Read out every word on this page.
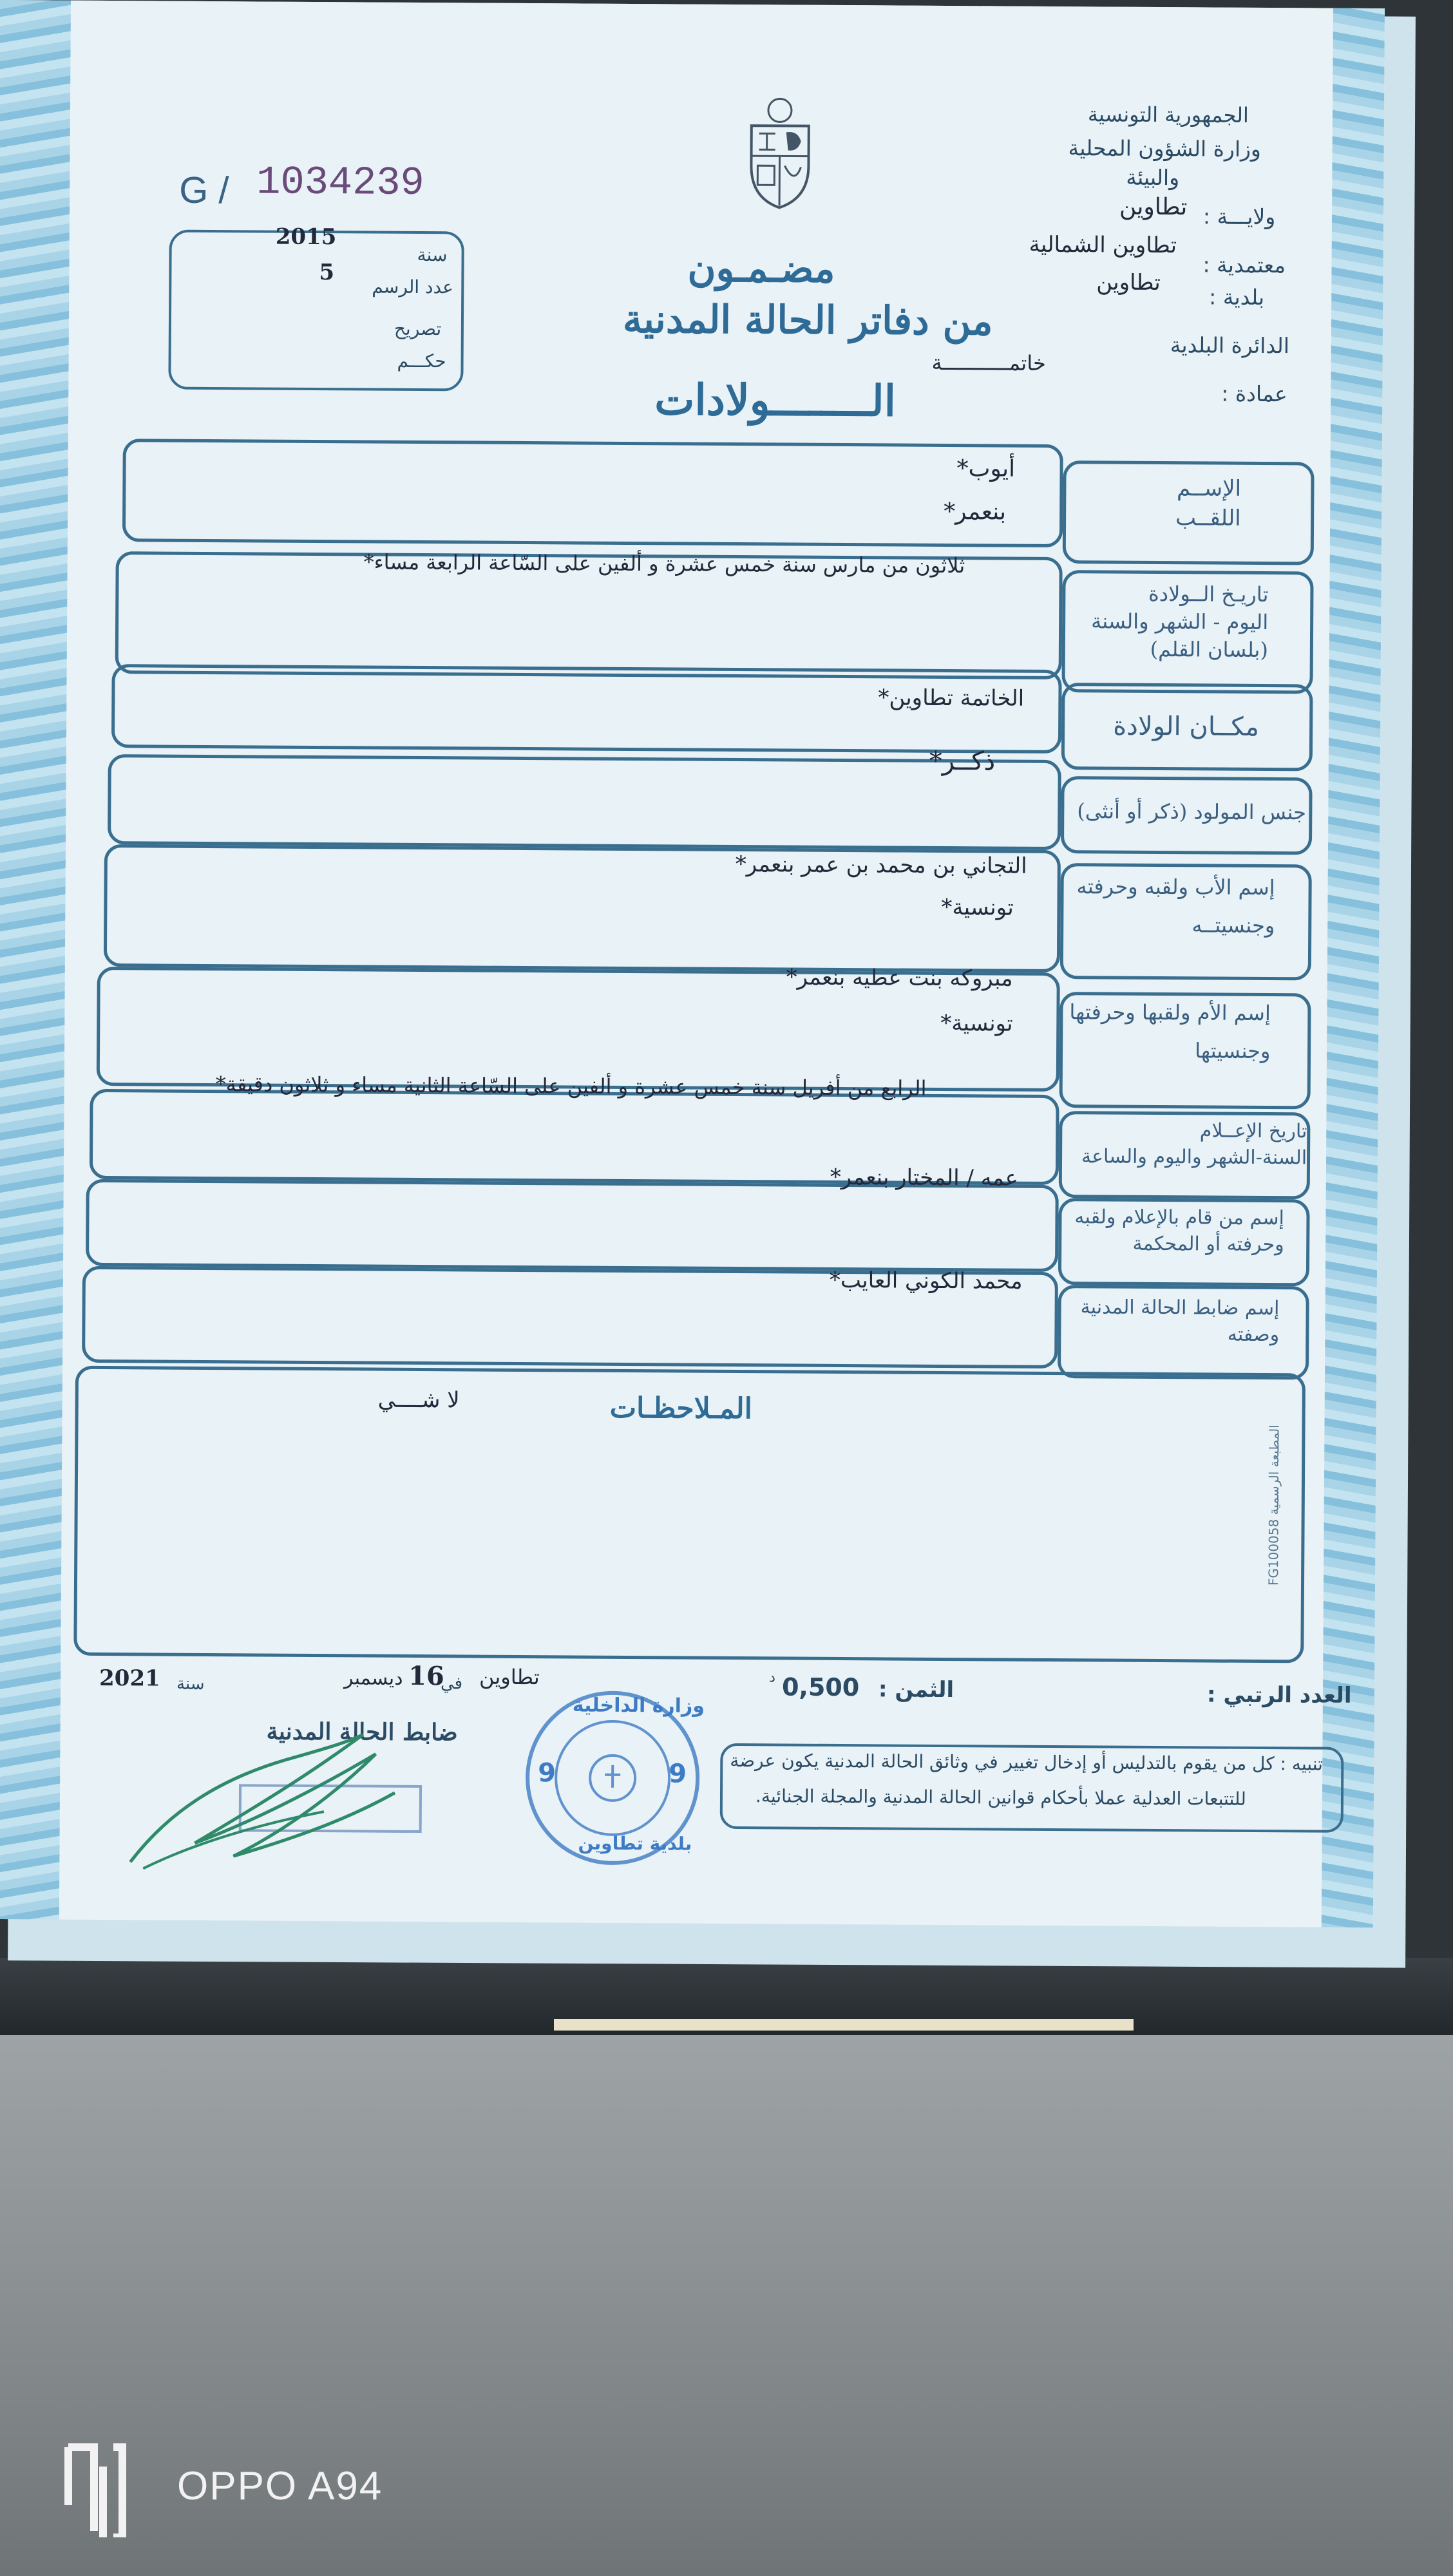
الجمهورية التونسية
وزارة الشؤون المحلية
والبيئة
ولايـــة :
تطاوين
معتمدية :
تطاوين الشمالية
بلدية :
تطاوين
الدائرة البلدية
خاتمـــــــــــة
عمادة :
G / 1034239
سنة
2015
عدد الرسم
5
تصريح
حكـــم
مضـمـون
من دفاتر الحالة المدنية
الــــــــولادات
الإســم
اللقــب
أيوب*
بنعمر*
تاريـخ الــولادة
اليوم - الشهر والسنة
(بلسان القلم)
ثلاثون من مارس سنة خمس عشرة و ألفين على السّاعة الرابعة مساء*
مكــان الولادة
الخاتمة تطاوين*
جنس المولود (ذكر أو أنثى)
ذكــر*
إسم الأب ولقبه وحرفته
وجنسيتــه
التجاني بن محمد بن عمر بنعمر*
تونسية*
إسم الأم ولقبها وحرفتها
وجنسيتها
مبروكه بنت عطيه بنعمر*
تونسية*
تاريخ الإعــلام
السنة-الشهر واليوم والساعة
الرابع من أفريل سنة خمس عشرة و ألفين على السّاعة الثانية مساء و ثلاثون دقيقة*
إسم من قام بالإعلام ولقبه
وحرفته أو المحكمة
عمه / المختار بنعمر*
إسم ضابط الحالة المدنية
وصفته
محمد الكوني العايب*
المـلاحظـات
لا شــــي
المطبعة الرسمية FG100058
العدد الرتبي :
الثمن :
0,500
د
تطاوين
في
16
ديسمبر
سنة
2021
ضابط الحالة المدنية
تنبيه : كل من يقوم بالتدليس أو إدخال تغيير في وثائق الحالة المدنية يكون عرضة
للتتبعات العدلية عملا بأحكام قوانين الحالة المدنية والمجلة الجنائية.
وزارة الداخلية
بلدية تطاوين
9	9
OPPO A94
